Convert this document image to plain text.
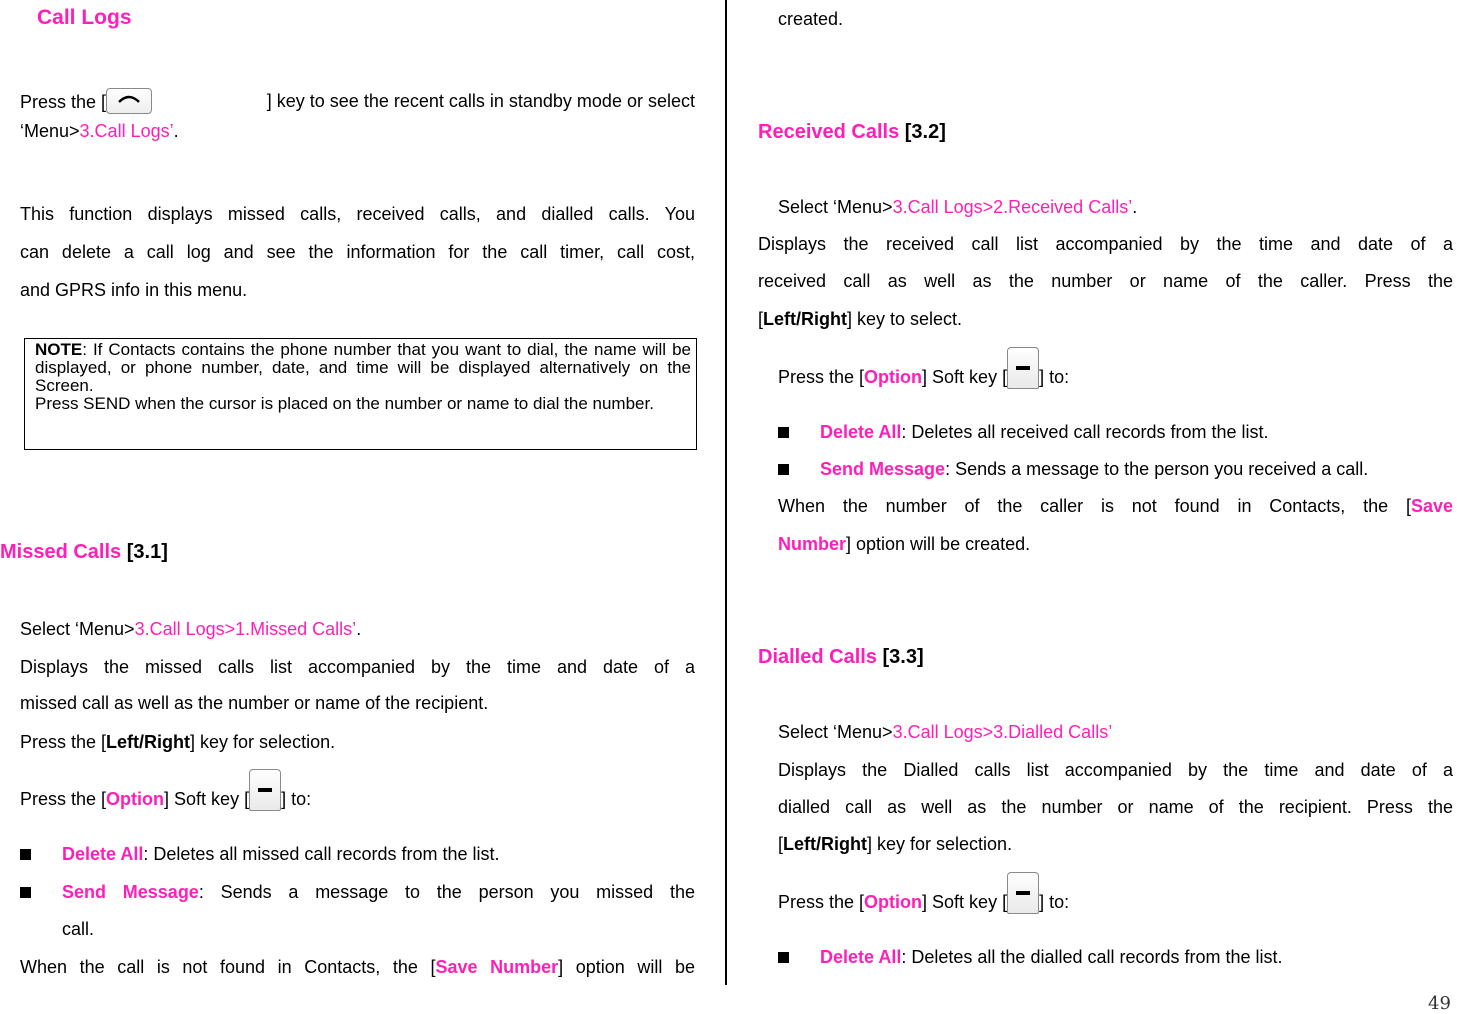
Call Logs
Press the [	] key to see the recent calls in standby mode or select
‘Menu>3.Call Logs’.
This function displays missed calls, received calls, and dialled calls. You
can delete a call log and see the information for the call timer, call cost,
and GPRS info in this menu.

NOTE: If Contacts contains the phone number that you want to dial, the name will be displayed, or phone number, date, and time will be displayed alternatively on the Screen.

Press SEND when the cursor is placed on the number or name to dial the number.

Missed Calls [3.1]
Select ‘Menu>3.Call Logs>1.Missed Calls’.
Displays the missed calls list accompanied by the time and date of a
missed call as well as the number or name of the recipient.
Press the [Left/Right] key for selection.
Press the [Option] Soft key [ ] to:
Delete All: Deletes all missed call records from the list.
Send Message: Sends a message to the person you missed the
call.
When the call is not found in Contacts, the [Save Number] option will be
created.
Received Calls [3.2]
Select ‘Menu>3.Call Logs>2.Received Calls’.
Displays the received call list accompanied by the time and date of a
received call as well as the number or name of the caller. Press the
[Left/Right] key to select.
Press the [Option] Soft key [ ] to:
Delete All: Deletes all received call records from the list.
Send Message: Sends a message to the person you received a call.
When the number of the caller is not found in Contacts, the [Save
Number] option will be created.
Dialled Calls [3.3]
Select ‘Menu>3.Call Logs>3.Dialled Calls’
Displays the Dialled calls list accompanied by the time and date of a
dialled call as well as the number or name of the recipient. Press the
[Left/Right] key for selection.
Press the [Option] Soft key [ ] to:
Delete All: Deletes all the dialled call records from the list.
49
